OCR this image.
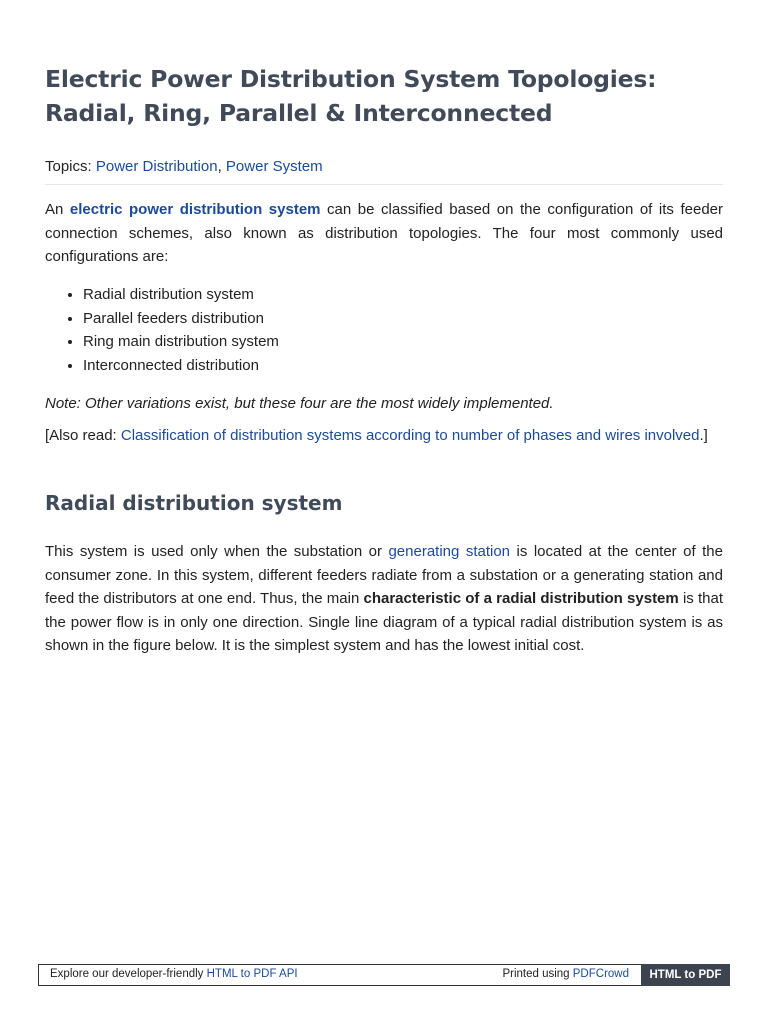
Electric Power Distribution System Topologies: Radial, Ring, Parallel & Interconnected
Topics: Power Distribution, Power System

An electric power distribution system can be classified based on the configuration of its feeder connection schemes, also known as distribution topologies. The four most commonly used configurations are:

• Radial distribution system
• Parallel feeders distribution
• Ring main distribution system
• Interconnected distribution

Note: Other variations exist, but these four are the most widely implemented.

[Also read: Classification of distribution systems according to number of phases and wires involved.]

Radial distribution system

This system is used only when the substation or generating station is located at the center of the consumer zone. In this system, different feeders radiate from a substation or a generating station and feed the distributors at one end. Thus, the main characteristic of a radial distribution system is that the power flow is in only one direction. Single line diagram of a typical radial distribution system is as shown in the figure below. It is the simplest system and has the lowest initial cost.

Explore our developer-friendly HTML to PDF API	Printed using PDFCrowd	HTML to PDF
